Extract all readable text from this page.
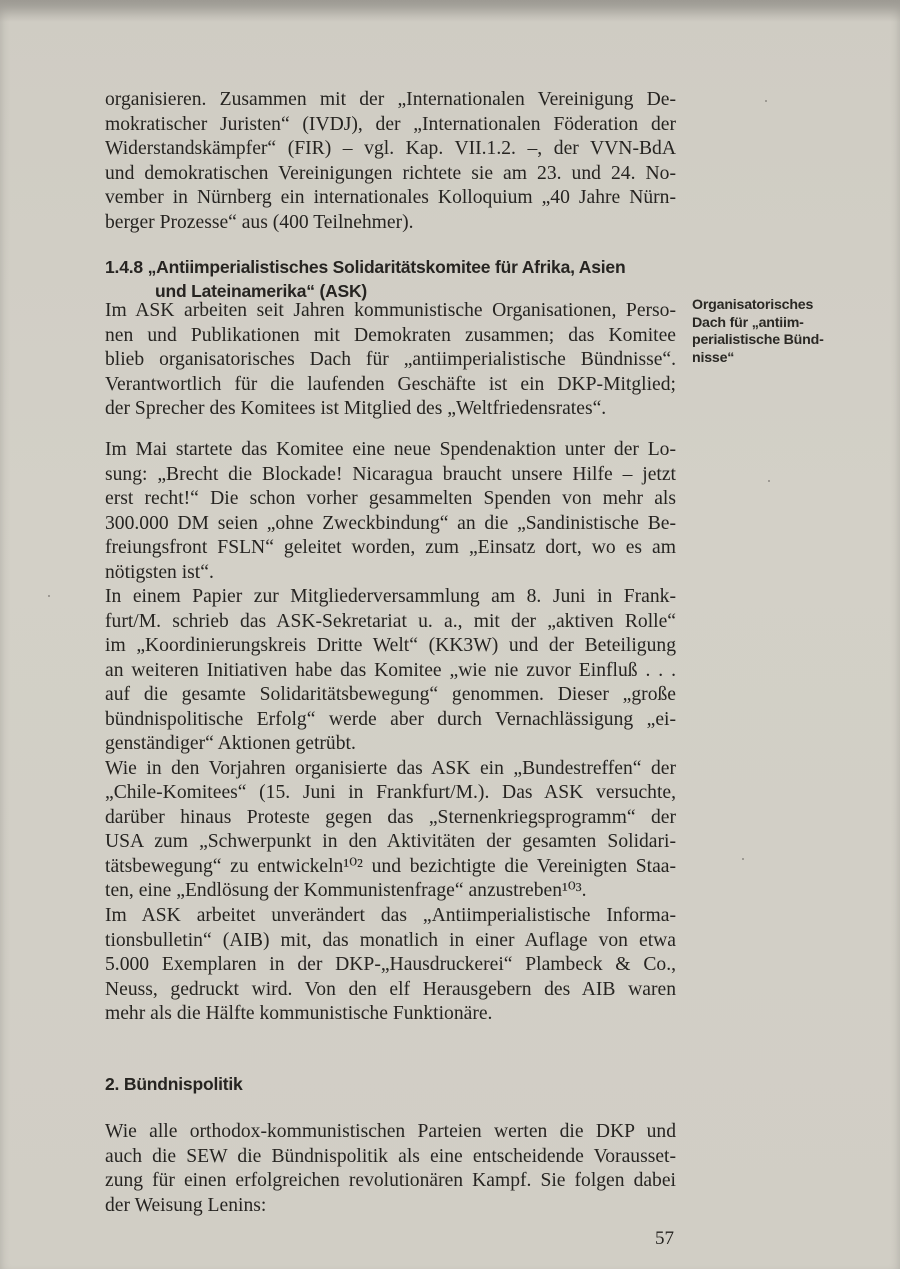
organisieren. Zusammen mit der „Internationalen Vereinigung De-
mokratischer Juristen“ (IVDJ), der „Internationalen Föderation der
Widerstandskämpfer“ (FIR) – vgl. Kap. VII.1.2. –, der VVN-BdA
und demokratischen Vereinigungen richtete sie am 23. und 24. No-
vember in Nürnberg ein internationales Kolloquium „40 Jahre Nürn-
berger Prozesse“ aus (400 Teilnehmer).
1.4.8 „Antiimperialistisches Solidaritätskomitee für Afrika, Asien
und Lateinamerika“ (ASK)
Organisatorisches
Dach für „antiim-
perialistische Bünd-
nisse“
Im ASK arbeiten seit Jahren kommunistische Organisationen, Perso-
nen und Publikationen mit Demokraten zusammen; das Komitee
blieb organisatorisches Dach für „antiimperialistische Bündnisse“.
Verantwortlich für die laufenden Geschäfte ist ein DKP-Mitglied;
der Sprecher des Komitees ist Mitglied des „Weltfriedensrates“.
Im Mai startete das Komitee eine neue Spendenaktion unter der Lo-
sung: „Brecht die Blockade! Nicaragua braucht unsere Hilfe – jetzt
erst recht!“ Die schon vorher gesammelten Spenden von mehr als
300.000 DM seien „ohne Zweckbindung“ an die „Sandinistische Be-
freiungsfront FSLN“ geleitet worden, zum „Einsatz dort, wo es am
nötigsten ist“.
In einem Papier zur Mitgliederversammlung am 8. Juni in Frank-
furt/M. schrieb das ASK-Sekretariat u. a., mit der „aktiven Rolle“
im „Koordinierungskreis Dritte Welt“ (KK3W) und der Beteiligung
an weiteren Initiativen habe das Komitee „wie nie zuvor Einfluß . . .
auf die gesamte Solidaritätsbewegung“ genommen. Dieser „große
bündnispolitische Erfolg“ werde aber durch Vernachlässigung „ei-
genständiger“ Aktionen getrübt.
Wie in den Vorjahren organisierte das ASK ein „Bundestreffen“ der
„Chile-Komitees“ (15. Juni in Frankfurt/M.). Das ASK versuchte,
darüber hinaus Proteste gegen das „Sternenkriegsprogramm“ der
USA zum „Schwerpunkt in den Aktivitäten der gesamten Solidari-
tätsbewegung“ zu entwickeln¹⁰² und bezichtigte die Vereinigten Staa-
ten, eine „Endlösung der Kommunistenfrage“ anzustreben¹⁰³.
Im ASK arbeitet unverändert das „Antiimperialistische Informa-
tionsbulletin“ (AIB) mit, das monatlich in einer Auflage von etwa
5.000 Exemplaren in der DKP-„Hausdruckerei“ Plambeck & Co.,
Neuss, gedruckt wird. Von den elf Herausgebern des AIB waren
mehr als die Hälfte kommunistische Funktionäre.
2. Bündnispolitik
Wie alle orthodox-kommunistischen Parteien werten die DKP und
auch die SEW die Bündnispolitik als eine entscheidende Vorausset-
zung für einen erfolgreichen revolutionären Kampf. Sie folgen dabei
der Weisung Lenins:
57
